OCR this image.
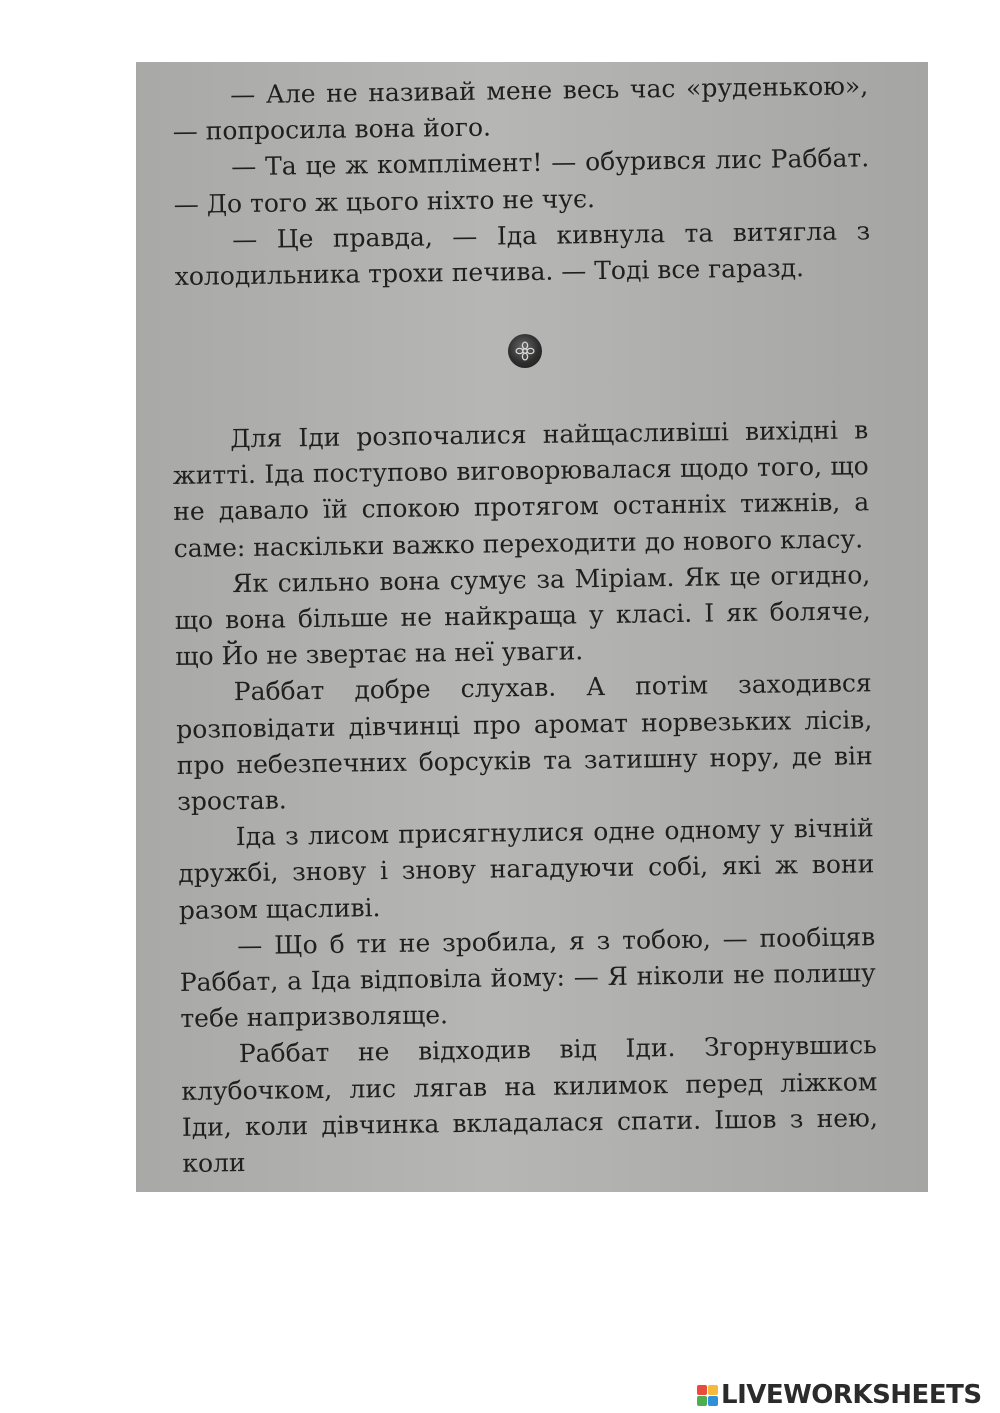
— Але не називай мене весь час «руденькою», — попросила вона його.

— Та це ж комплімент! — обурився лис Раббат. — До того ж цього ніхто не чує.

— Це правда, — Іда кивнула та витягла з холодильника трохи печива. — Тоді все гаразд.

Для Іди розпочалися найщасливіші вихідні в житті. Іда поступово виговорювалася щодо того, що не давало їй спокою протягом останніх тижнів, а саме: наскільки важко переходити до нового класу.

Як сильно вона сумує за Міріам. Як це огидно, що вона більше не найкраща у класі. І як боляче, що Йо не звертає на неї уваги.

Раббат добре слухав. А потім заходився розповідати дівчинці про аромат норвезьких лісів, про небезпечних борсуків та затишну нору, де він зростав.

Іда з лисом присягнулися одне одному у вічній дружбі, знову і знову нагадуючи собі, які ж вони разом щасливі.

— Що б ти не зробила, я з тобою, — пообіцяв Раббат, а Іда відповіла йому: — Я ніколи не полишу тебе напризволяще.

Раббат не відходив від Іди. Згорнувшись клубочком, лис лягав на килимок перед ліжком Іди, коли дівчинка вкладалася спати. Ішов з нею, коли

LIVEWORKSHEETS
